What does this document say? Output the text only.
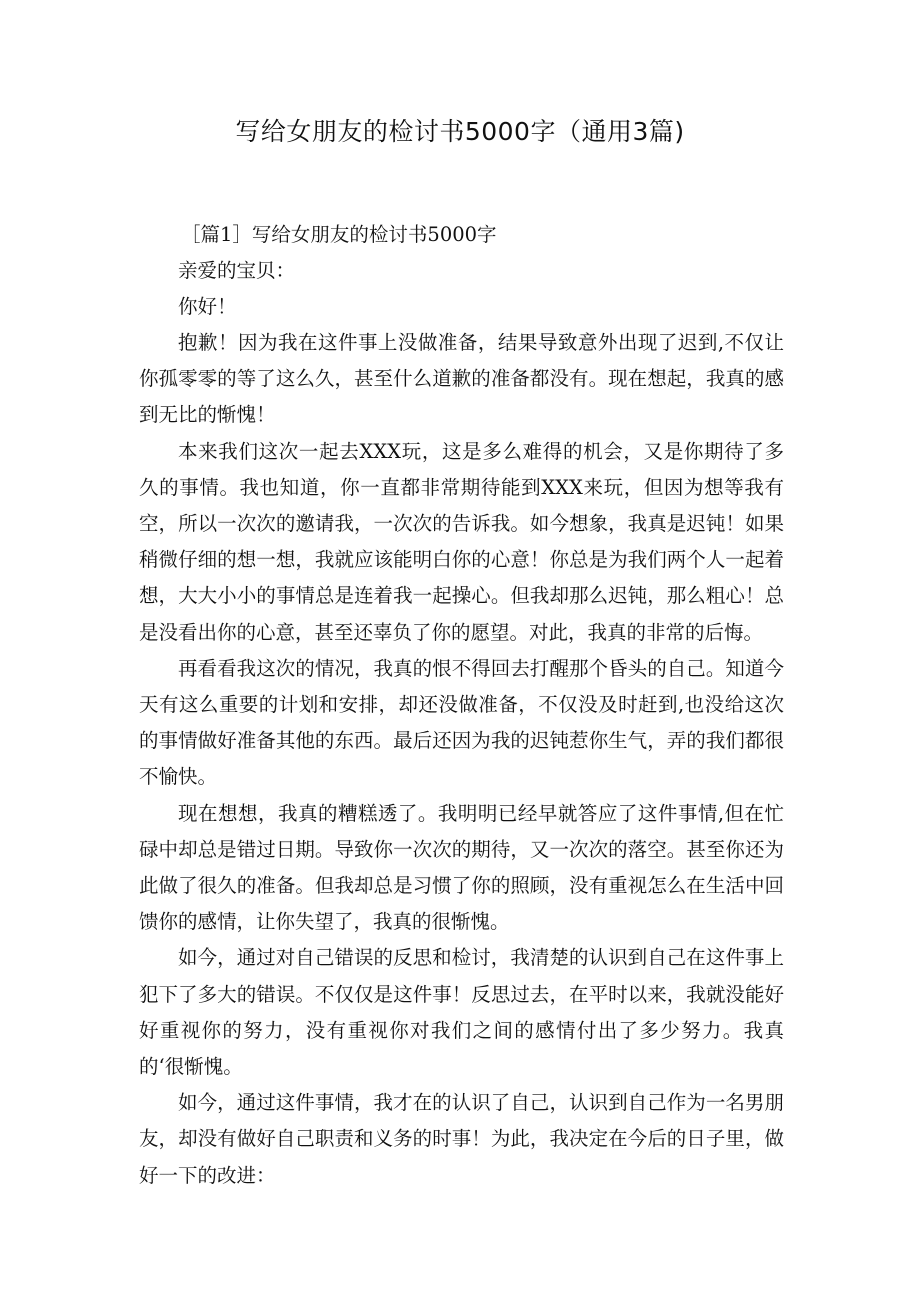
写给女朋友的检讨书5000字（通用3篇)

［篇1］写给女朋友的检讨书5000字

亲爱的宝贝：

你好！

抱歉！因为我在这件事上没做准备，结果导致意外出现了迟到,不仅让你孤零零的等了这么久，甚至什么道歉的准备都没有。现在想起，我真的感到无比的惭愧！

本来我们这次一起去XXX玩，这是多么难得的机会，又是你期待了多久的事情。我也知道，你一直都非常期待能到XXX来玩，但因为想等我有空，所以一次次的邀请我，一次次的告诉我。如今想象，我真是迟钝！如果稍微仔细的想一想，我就应该能明白你的心意！你总是为我们两个人一起着想，大大小小的事情总是连着我一起操心。但我却那么迟钝，那么粗心！总是没看出你的心意，甚至还辜负了你的愿望。对此，我真的非常的后悔。

再看看我这次的情况，我真的恨不得回去打醒那个昏头的自己。知道今天有这么重要的计划和安排，却还没做准备，不仅没及时赶到,也没给这次的事情做好准备其他的东西。最后还因为我的迟钝惹你生气，弄的我们都很不愉快。

现在想想，我真的糟糕透了。我明明已经早就答应了这件事情,但在忙碌中却总是错过日期。导致你一次次的期待，又一次次的落空。甚至你还为此做了很久的准备。但我却总是习惯了你的照顾，没有重视怎么在生活中回馈你的感情，让你失望了，我真的很惭愧。

如今，通过对自己错误的反思和检讨，我清楚的认识到自己在这件事上犯下了多大的错误。不仅仅是这件事！反思过去，在平时以来，我就没能好好重视你的努力，没有重视你对我们之间的感情付出了多少努力。我真的‘很惭愧。

如今，通过这件事情，我才在的认识了自己，认识到自己作为一名男朋友，却没有做好自己职责和义务的时事！为此，我决定在今后的日子里，做好一下的改进：
